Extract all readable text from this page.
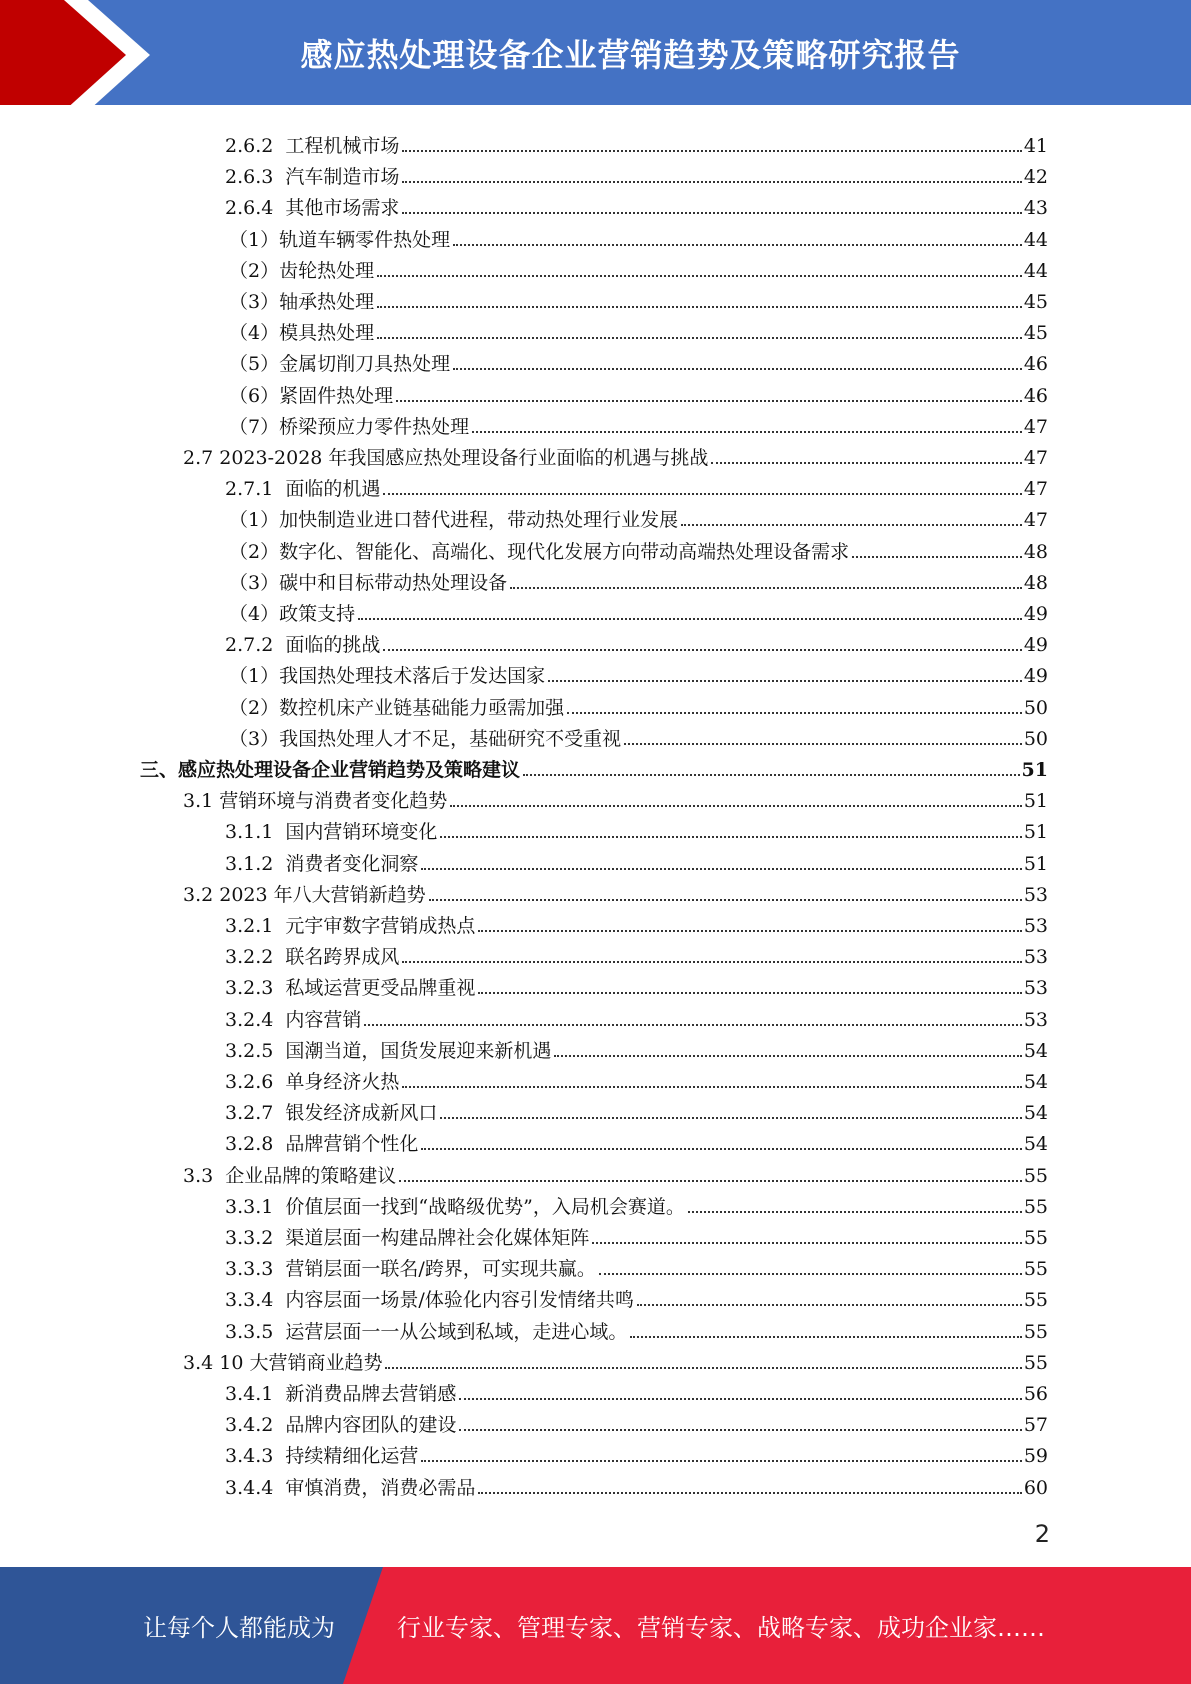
感应热处理设备企业营销趋势及策略研究报告
2.6.2  工程机械市场	41
2.6.3  汽车制造市场	42
2.6.4  其他市场需求	43
（1）轨道车辆零件热处理	44
（2）齿轮热处理	44
（3）轴承热处理	45
（4）模具热处理	45
（5）金属切削刀具热处理	46
（6）紧固件热处理	46
（7）桥梁预应力零件热处理	47
2.7 2023-2028 年我国感应热处理设备行业面临的机遇与挑战	47
2.7.1  面临的机遇	47
（1）加快制造业进口替代进程，带动热处理行业发展	47
（2）数字化、智能化、高端化、现代化发展方向带动高端热处理设备需求	48
（3）碳中和目标带动热处理设备	48
（4）政策支持	49
2.7.2  面临的挑战	49
（1）我国热处理技术落后于发达国家	49
（2）数控机床产业链基础能力亟需加强	50
（3）我国热处理人才不足，基础研究不受重视	50
三、感应热处理设备企业营销趋势及策略建议	51
3.1 营销环境与消费者变化趋势	51
3.1.1  国内营销环境变化	51
3.1.2  消费者变化洞察	51
3.2 2023 年八大营销新趋势	53
3.2.1  元宇审数字营销成热点	53
3.2.2  联名跨界成风	53
3.2.3  私域运营更受品牌重视	53
3.2.4  内容营销	53
3.2.5  国潮当道，国货发展迎来新机遇	54
3.2.6  单身经济火热	54
3.2.7  银发经济成新风口	54
3.2.8  品牌营销个性化	54
3.3  企业品牌的策略建议	55
3.3.1  价值层面一找到“战略级优势”，入局机会赛道。	55
3.3.2  渠道层面一构建品牌社会化媒体矩阵	55
3.3.3  营销层面一联名/跨界，可实现共赢。	55
3.3.4  内容层面一场景/体验化内容引发情绪共鸣	55
3.3.5  运营层面一一从公域到私域，走进心域。	55
3.4 10 大营销商业趋势	55
3.4.1  新消费品牌去营销感	56
3.4.2  品牌内容团队的建设	57
3.4.3  持续精细化运营	59
3.4.4  审慎消费，消费必需品	60
2
让每个人都能成为	行业专家、管理专家、营销专家、战略专家、成功企业家……
